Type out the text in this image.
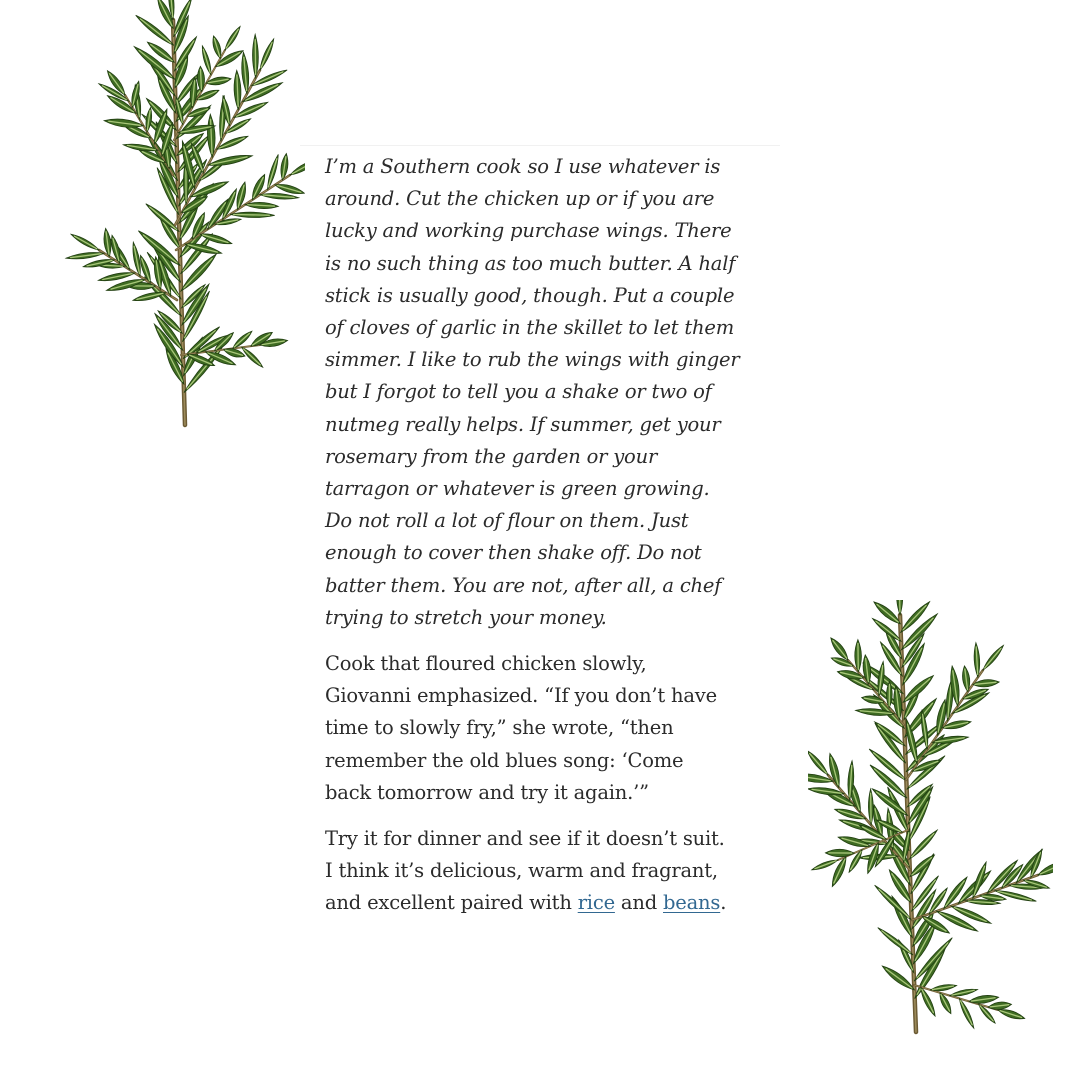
I’m a Southern cook so I use whatever is
around. Cut the chicken up or if you are
lucky and working purchase wings. There
is no such thing as too much butter. A half
stick is usually good, though. Put a couple
of cloves of garlic in the skillet to let them
simmer. I like to rub the wings with ginger
but I forgot to tell you a shake or two of
nutmeg really helps. If summer, get your
rosemary from the garden or your
tarragon or whatever is green growing.
Do not roll a lot of flour on them. Just
enough to cover then shake off. Do not
batter them. You are not, after all, a chef
trying to stretch your money.

Cook that floured chicken slowly,
Giovanni emphasized. “If you don’t have
time to slowly fry,” she wrote, “then
remember the old blues song: ‘Come
back tomorrow and try it again.’”

Try it for dinner and see if it doesn’t suit.
I think it’s delicious, warm and fragrant,
and excellent paired with rice and beans.
